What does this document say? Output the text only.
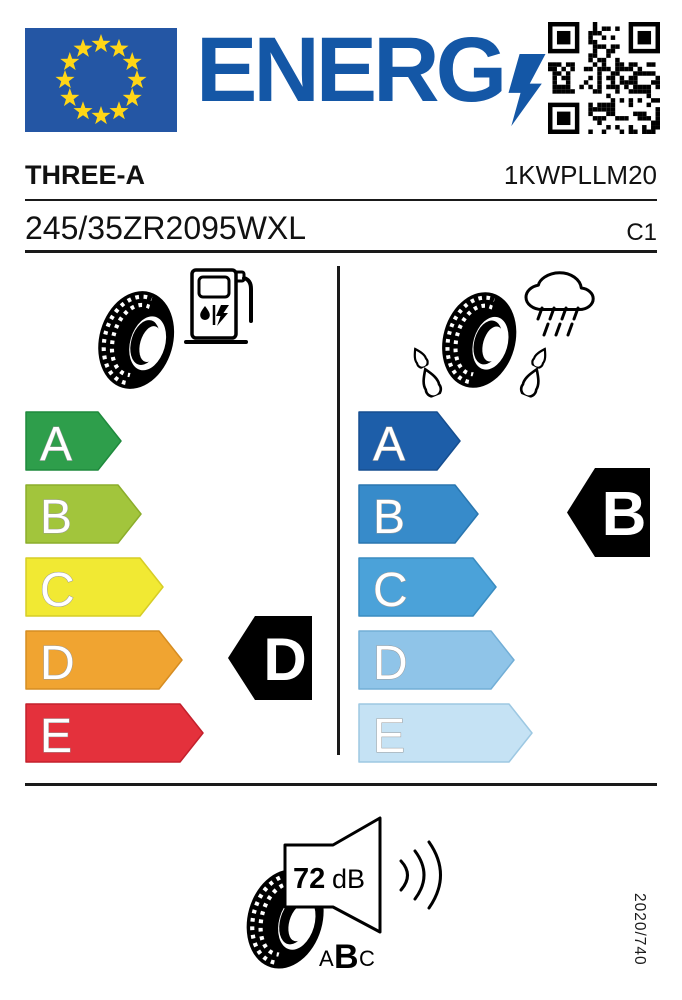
ENERG
THREE-A	1KWPLLM20
245/35ZR2095WXL	C1
A
B
C
D
E
A
B
C
D
E
D
B
72 dB
A B C	2020/740
